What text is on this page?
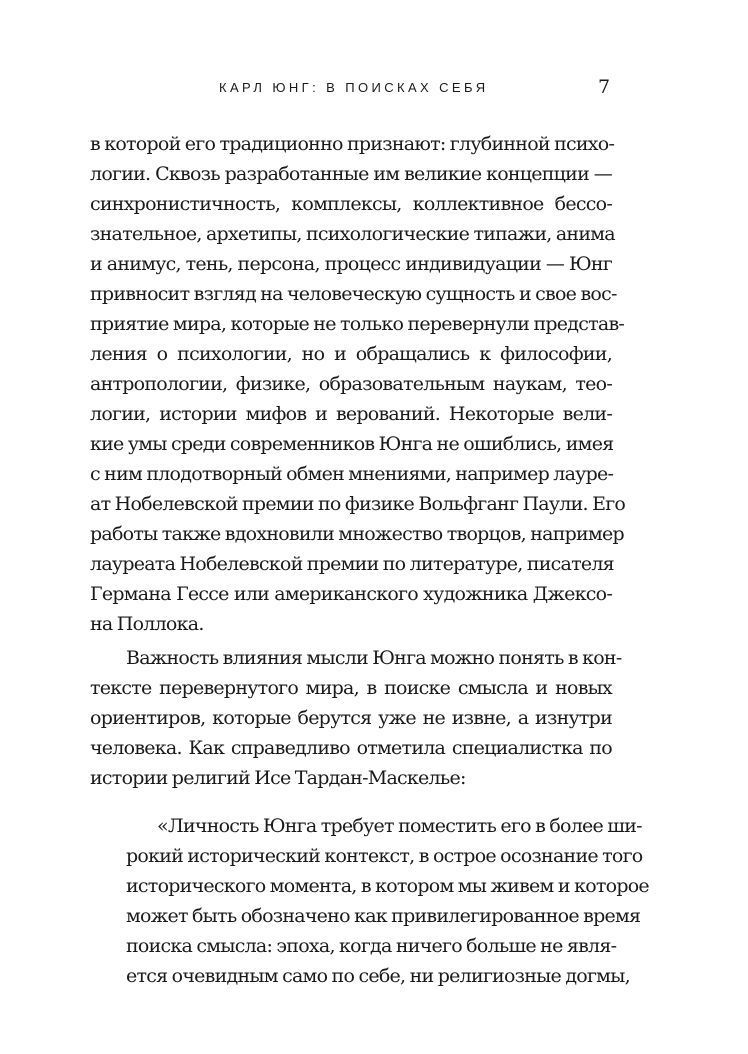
КАРЛ ЮНГ: В ПОИСКАХ СЕБЯ	7
в которой его традиционно признают: глубинной психо-
логии. Сквозь разработанные им великие концепции —
синхронистичность, комплексы, коллективное бессо-
знательное, архетипы, психологические типажи, анима
и анимус, тень, персона, процесс индивидуации — Юнг
привносит взгляд на человеческую сущность и свое вос-
приятие мира, которые не только перевернули представ-
ления о психологии, но и обращались к философии,
антропологии, физике, образовательным наукам, тео-
логии, истории мифов и верований. Некоторые вели-
кие умы среди современников Юнга не ошиблись, имея
с ним плодотворный обмен мнениями, например лауре-
ат Нобелевской премии по физике Вольфганг Паули. Его
работы также вдохновили множество творцов, например
лауреата Нобелевской премии по литературе, писателя
Германа Гессе или американского художника Джексо-
на Поллока.
Важность влияния мысли Юнга можно понять в кон-
тексте перевернутого мира, в поиске смысла и новых
ориентиров, которые берутся уже не извне, а изнутри
человека. Как справедливо отметила специалистка по
истории религий Исе Тардан-Маскелье:
«Личность Юнга требует поместить его в более ши-
рокий исторический контекст, в острое осознание того
исторического момента, в котором мы живем и которое
может быть обозначено как привилегированное время
поиска смысла: эпоха, когда ничего больше не явля-
ется очевидным само по себе, ни религиозные догмы,
